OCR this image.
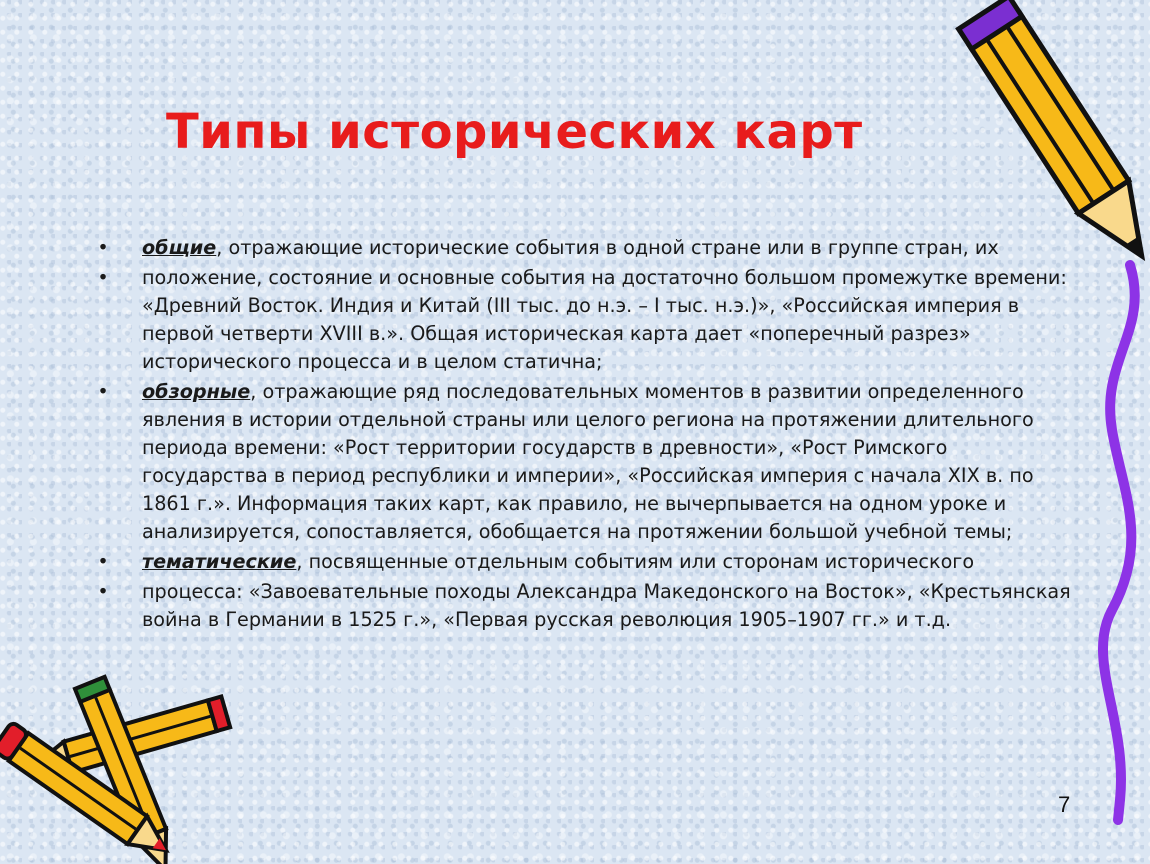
Типы исторических карт
• общие, отражающие исторические события в одной стране или в группе стран, их
• положение, состояние и основные события на достаточно большом промежутке времени: «Древний Восток. Индия и Китай (III тыс. до н.э. – I тыс. н.э.)», «Российская империя в первой четверти XVIII в.». Общая историческая карта дает «поперечный разрез» исторического процесса и в целом статична;
• обзорные, отражающие ряд последовательных моментов в развитии определенного явления в истории отдельной страны или целого региона на протяжении длительного периода времени: «Рост территории государств в древности», «Рост Римского государства в период республики и империи», «Российская империя с начала XIX в. по 1861 г.». Информация таких карт, как правило, не вычерпывается на одном уроке и анализируется, сопоставляется, обобщается на протяжении большой учебной темы;
• тематические, посвященные отдельным событиям или сторонам исторического
• процесса: «Завоевательные походы Александра Македонского на Восток», «Крестьянская война в Германии в 1525 г.», «Первая русская революция 1905–1907 гг.» и т.д.
7
